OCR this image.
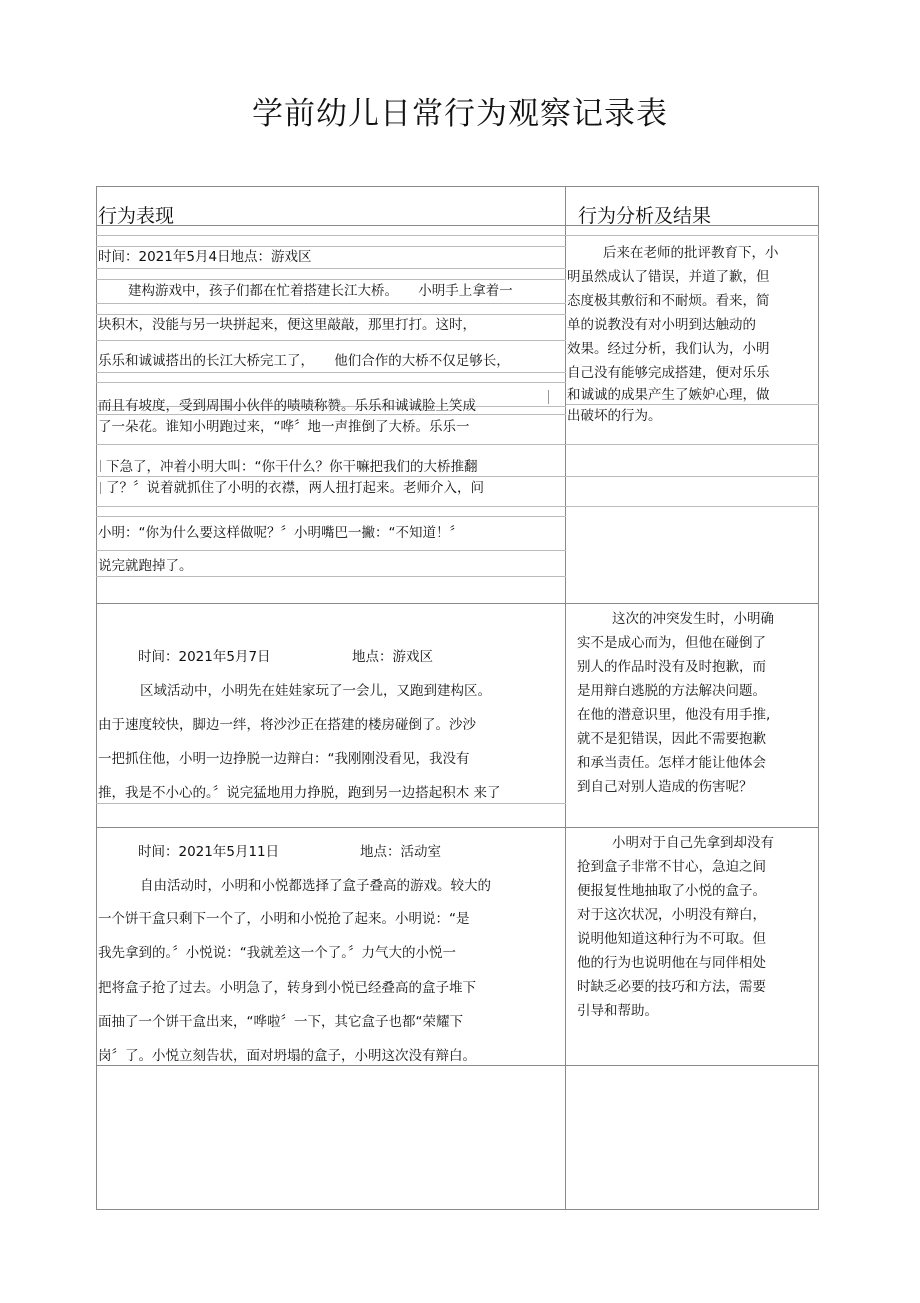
学前幼儿日常行为观察记录表
行为表现	行为分析及结果
时间：2021年5月4日地点：游戏区
建构游戏中，孩子们都在忙着搭建长江大桥。　　小明手上拿着一
块积木，没能与另一块拼起来，便这里敲敲，那里打打。这时，
乐乐和诚诚搭出的长江大桥完工了，　　他们合作的大桥不仅足够长，
而且有坡度，受到周围小伙伴的啧啧称赞。乐乐和诚诚脸上笑成
了一朵花。谁知小明跑过来，“哗〞地一声推倒了大桥。乐乐一
下急了，冲着小明大叫：“你干什么？你干嘛把我们的大桥推翻
了？〞说着就抓住了小明的衣襟，两人扭打起来。老师介入，问
小明：“你为什么要这样做呢？〞小明嘴巴一撇：“不知道！〞
说完就跑掉了。
后来在老师的批评教育下，小
明虽然成认了错误，并道了歉，但
态度极其敷衍和不耐烦。看来，简
单的说教没有对小明到达触动的
效果。经过分析，我们认为，小明
自己没有能够完成搭建，便对乐乐
和诚诚的成果产生了嫉妒心理，做
出破坏的行为。
时间：2021年5月7日	地点：游戏区
区域活动中，小明先在娃娃家玩了一会儿，又跑到建构区。
由于速度较快，脚边一绊，将沙沙正在搭建的楼房碰倒了。沙沙
一把抓住他，小明一边挣脱一边辩白：“我刚刚没看见，我没有
推，我是不小心的。〞说完猛地用力挣脱，跑到另一边搭起积木 来了
这次的冲突发生时，小明确
实不是成心而为，但他在碰倒了
别人的作品时没有及时抱歉，而
是用辩白逃脱的方法解决问题。
在他的潜意识里，他没有用手推,
就不是犯错误，因此不需要抱歉
和承当责任。怎样才能让他体会
到自己对别人造成的伤害呢？
时间：2021年5月11日	地点：活动室
自由活动时，小明和小悦都选择了盒子叠高的游戏。较大的
一个饼干盒只剩下一个了，小明和小悦抢了起来。小明说：“是
我先拿到的。〞小悦说：“我就差这一个了。〞力气大的小悦一
把将盒子抢了过去。小明急了，转身到小悦已经叠高的盒子堆下
面抽了一个饼干盒出来，“哗啦〞一下，其它盒子也都“荣耀下
岗〞了。小悦立刻告状，面对坍塌的盒子，小明这次没有辩白。
小明对于自己先拿到却没有
抢到盒子非常不甘心，急迫之间
便报复性地抽取了小悦的盒子。
对于这次状况，小明没有辩白，
说明他知道这种行为不可取。但
他的行为也说明他在与同伴相处
时缺乏必要的技巧和方法，需要
引导和帮助。
